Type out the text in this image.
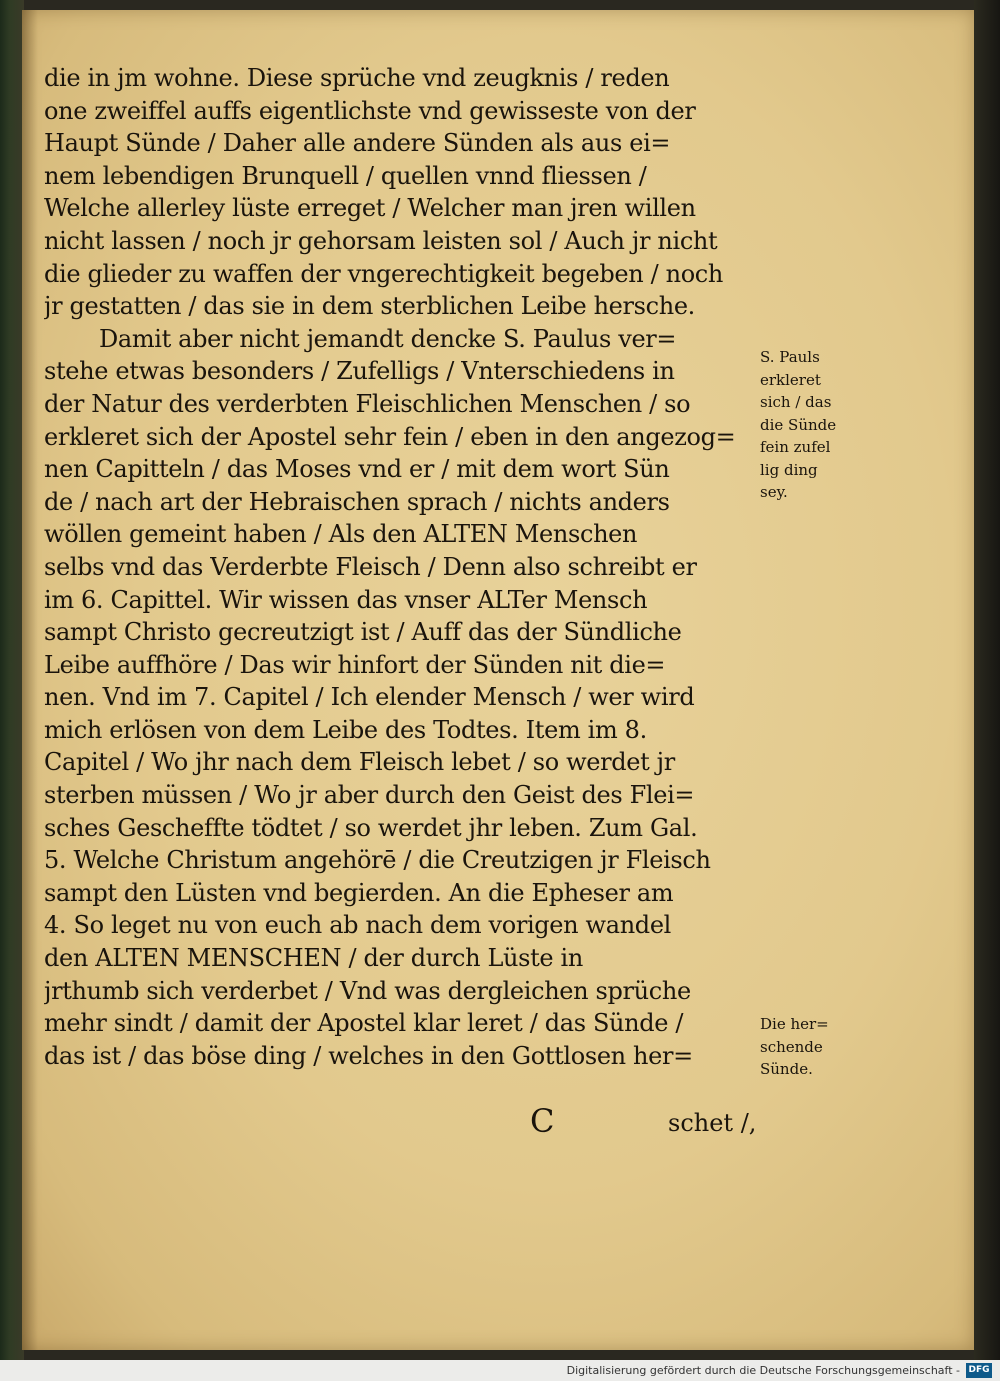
die in jm wohne. Diese sprüche vnd zeugknis / reden
one zweiffel auffs eigentlichste vnd gewisseste von der
Haupt Sünde / Daher alle andere Sünden als aus ei=
nem lebendigen Brunquell / quellen vnnd fliessen /
Welche allerley lüste erreget / Welcher man jren willen
nicht lassen / noch jr gehorsam leisten sol / Auch jr nicht
die glieder zu waffen der vngerechtigkeit begeben / noch
jr gestatten / das sie in dem sterblichen Leibe hersche.
Damit aber nicht jemandt dencke S. Paulus ver=
stehe etwas besonders / Zufelligs / Vnterschiedens in
der Natur des verderbten Fleischlichen Menschen / so
erkleret sich der Apostel sehr fein / eben in den angezog=
nen Capitteln / das Moses vnd er / mit dem wort Sün
de / nach art der Hebraischen sprach / nichts anders
wöllen gemeint haben / Als den ALTEN Menschen
selbs vnd das Verderbte Fleisch / Denn also schreibt er
im 6. Capittel. Wir wissen das vnser ALTer Mensch
sampt Christo gecreutzigt ist / Auff das der Sündliche
Leibe auffhöre / Das wir hinfort der Sünden nit die=
nen. Vnd im 7. Capitel / Ich elender Mensch / wer wird
mich erlösen von dem Leibe des Todtes. Item im 8.
Capitel / Wo jhr nach dem Fleisch lebet / so werdet jr
sterben müssen / Wo jr aber durch den Geist des Flei=
sches Gescheffte tödtet / so werdet jhr leben. Zum Gal.
5. Welche Christum angehörē / die Creutzigen jr Fleisch
sampt den Lüsten vnd begierden. An die Epheser am
4. So leget nu von euch ab nach dem vorigen wandel
den ALTEN MENSCHEN / der durch Lüste in
jrthumb sich verderbet / Vnd was dergleichen sprüche
mehr sindt / damit der Apostel klar leret / das Sünde /
das ist / das böse ding / welches in den Gottlosen her=
S. Pauls
erkleret
sich / das
die Sünde
fein zufel
lig ding
sey.
Die her=
schende
Sünde.
C	schet /,
Digitalisierung gefördert durch die Deutsche Forschungsgemeinschaft - DFG
